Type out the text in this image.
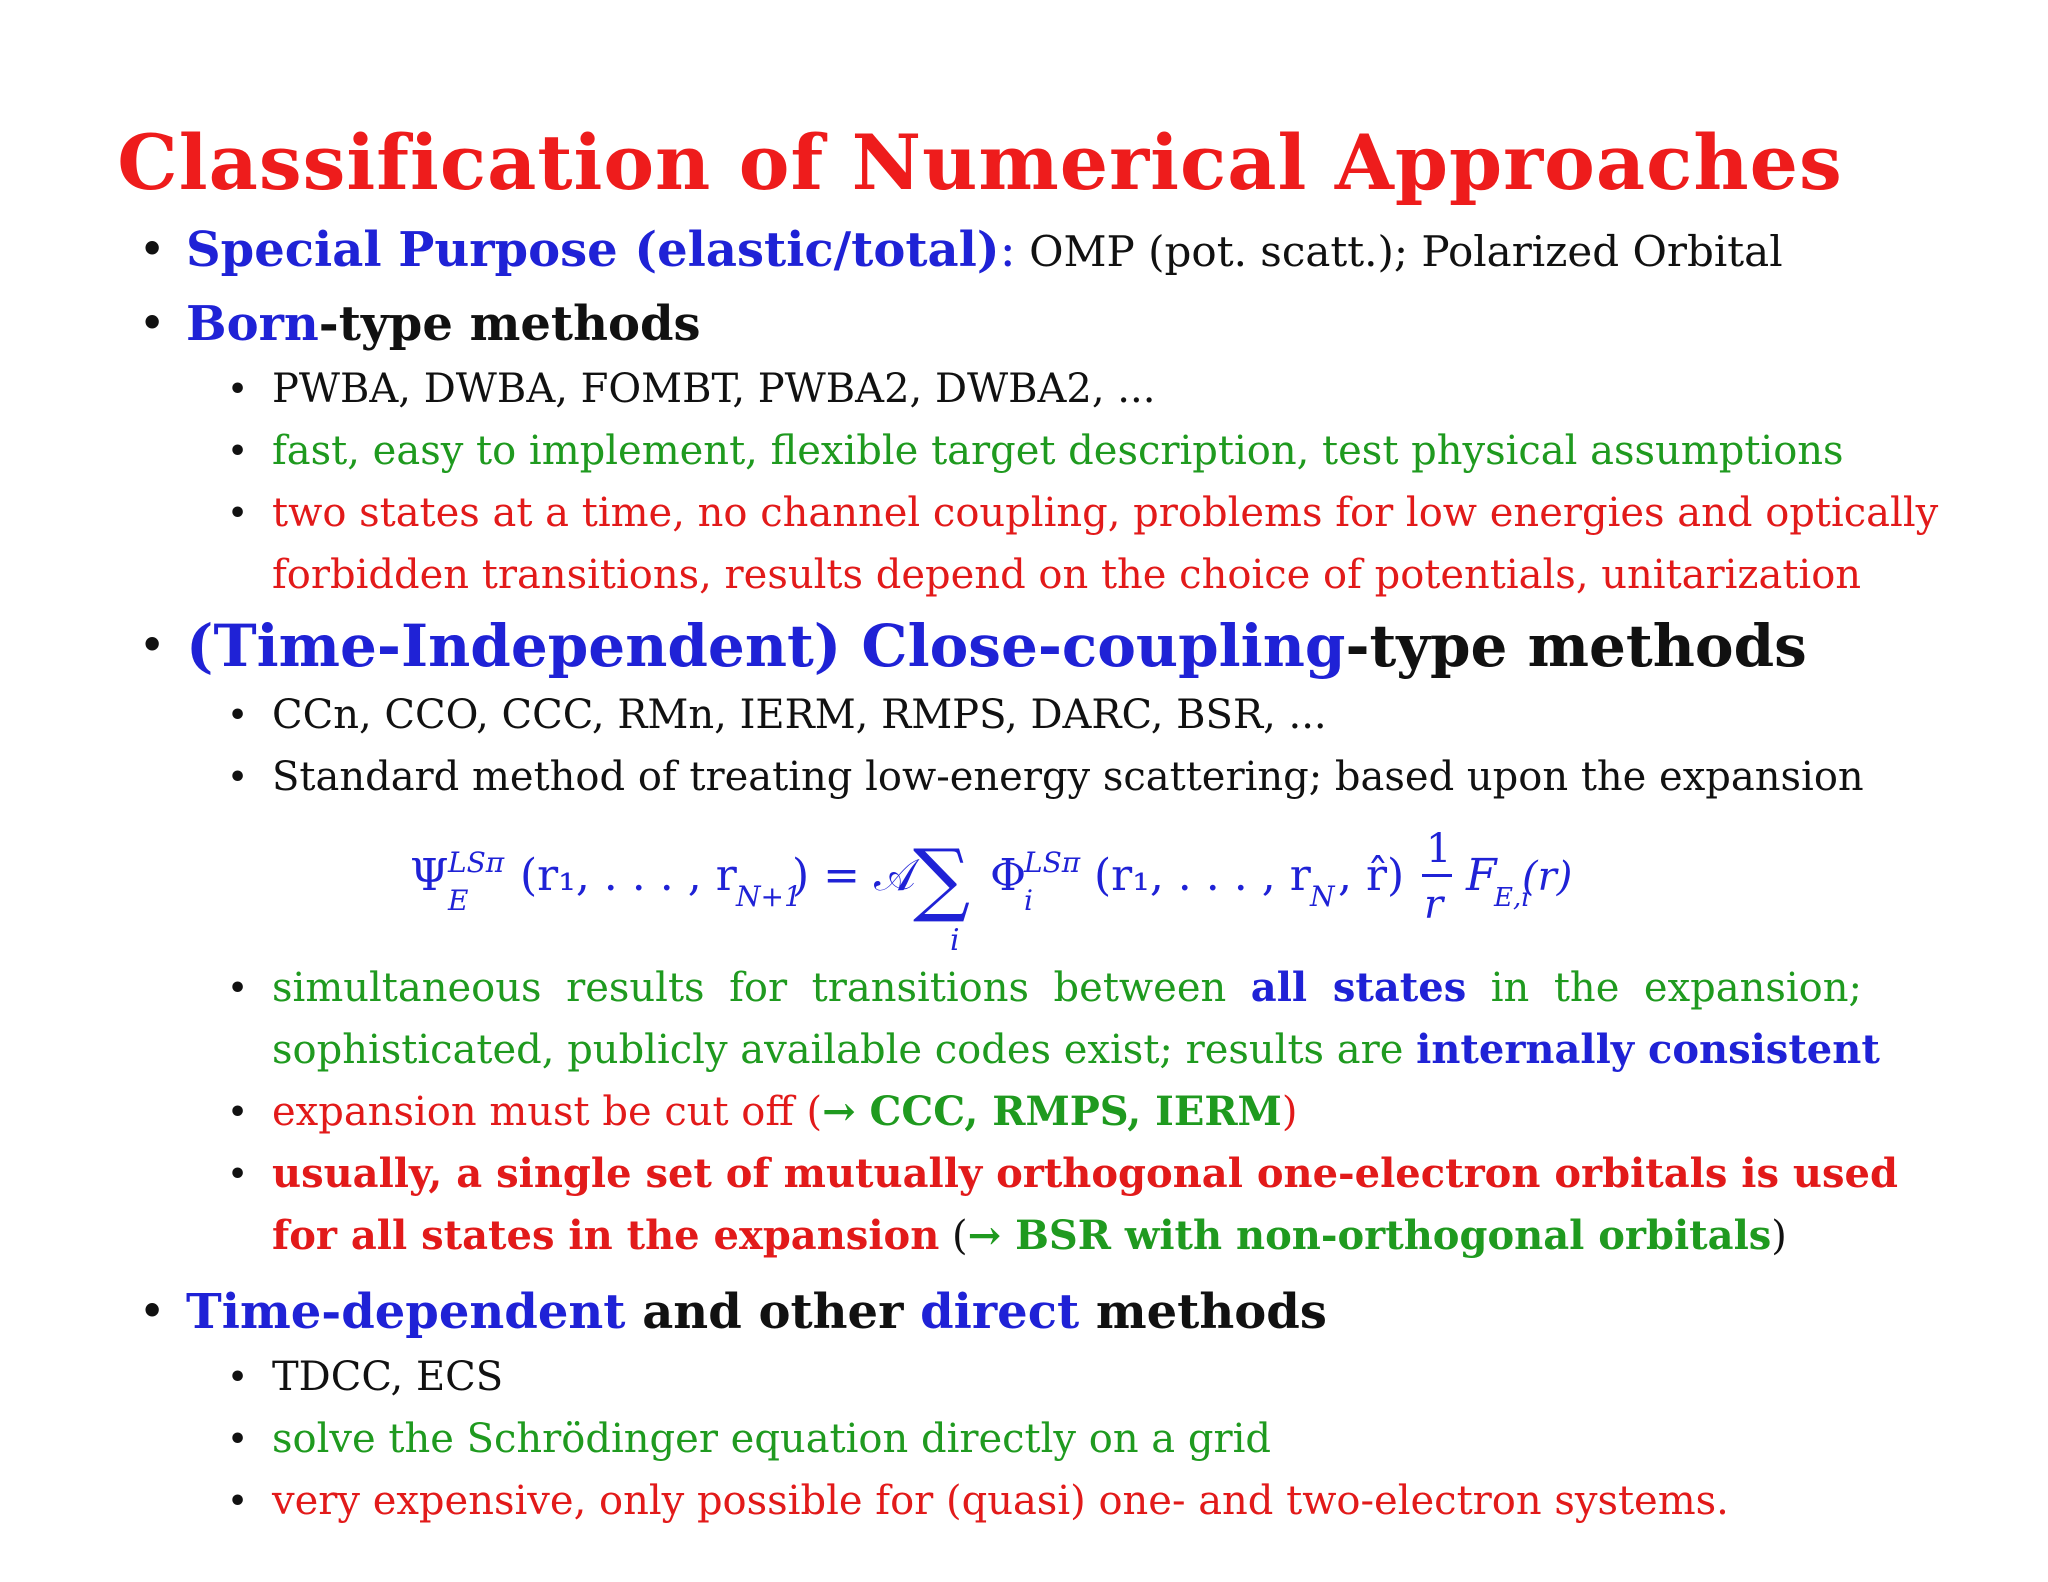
Classification of Numerical Approaches
• Special Purpose (elastic/total): OMP (pot. scatt.); Polarized Orbital
• Born-type methods
• PWBA, DWBA, FOMBT, PWBA2, DWBA2, ...
• fast, easy to implement, flexible target description, test physical assumptions
• two states at a time, no channel coupling, problems for low energies and optically
forbidden transitions, results depend on the choice of potentials, unitarization
• (Time-Independent) Close-coupling-type methods
• CCn, CCO, CCC, RMn, IERM, RMPS, DARC, BSR, ...
• Standard method of treating low-energy scattering; based upon the expansion
Ψ LSπ
E (r₁, . . . , r N+1
) = 𝒜
∑
i
Φ
LSπ
i (r₁, . . . , r N , r̂)
1
r
F
E,i
(r)
• simultaneous results for transitions between all states in the expansion;
sophisticated, publicly available codes exist; results are internally consistent
• expansion must be cut off (→ CCC, RMPS, IERM)
• usually, a single set of mutually orthogonal one-electron orbitals is used
for all states in the expansion (→ BSR with non-orthogonal orbitals)
• Time-dependent and other direct methods
• TDCC, ECS
• solve the Schrödinger equation directly on a grid
• very expensive, only possible for (quasi) one- and two-electron systems.
